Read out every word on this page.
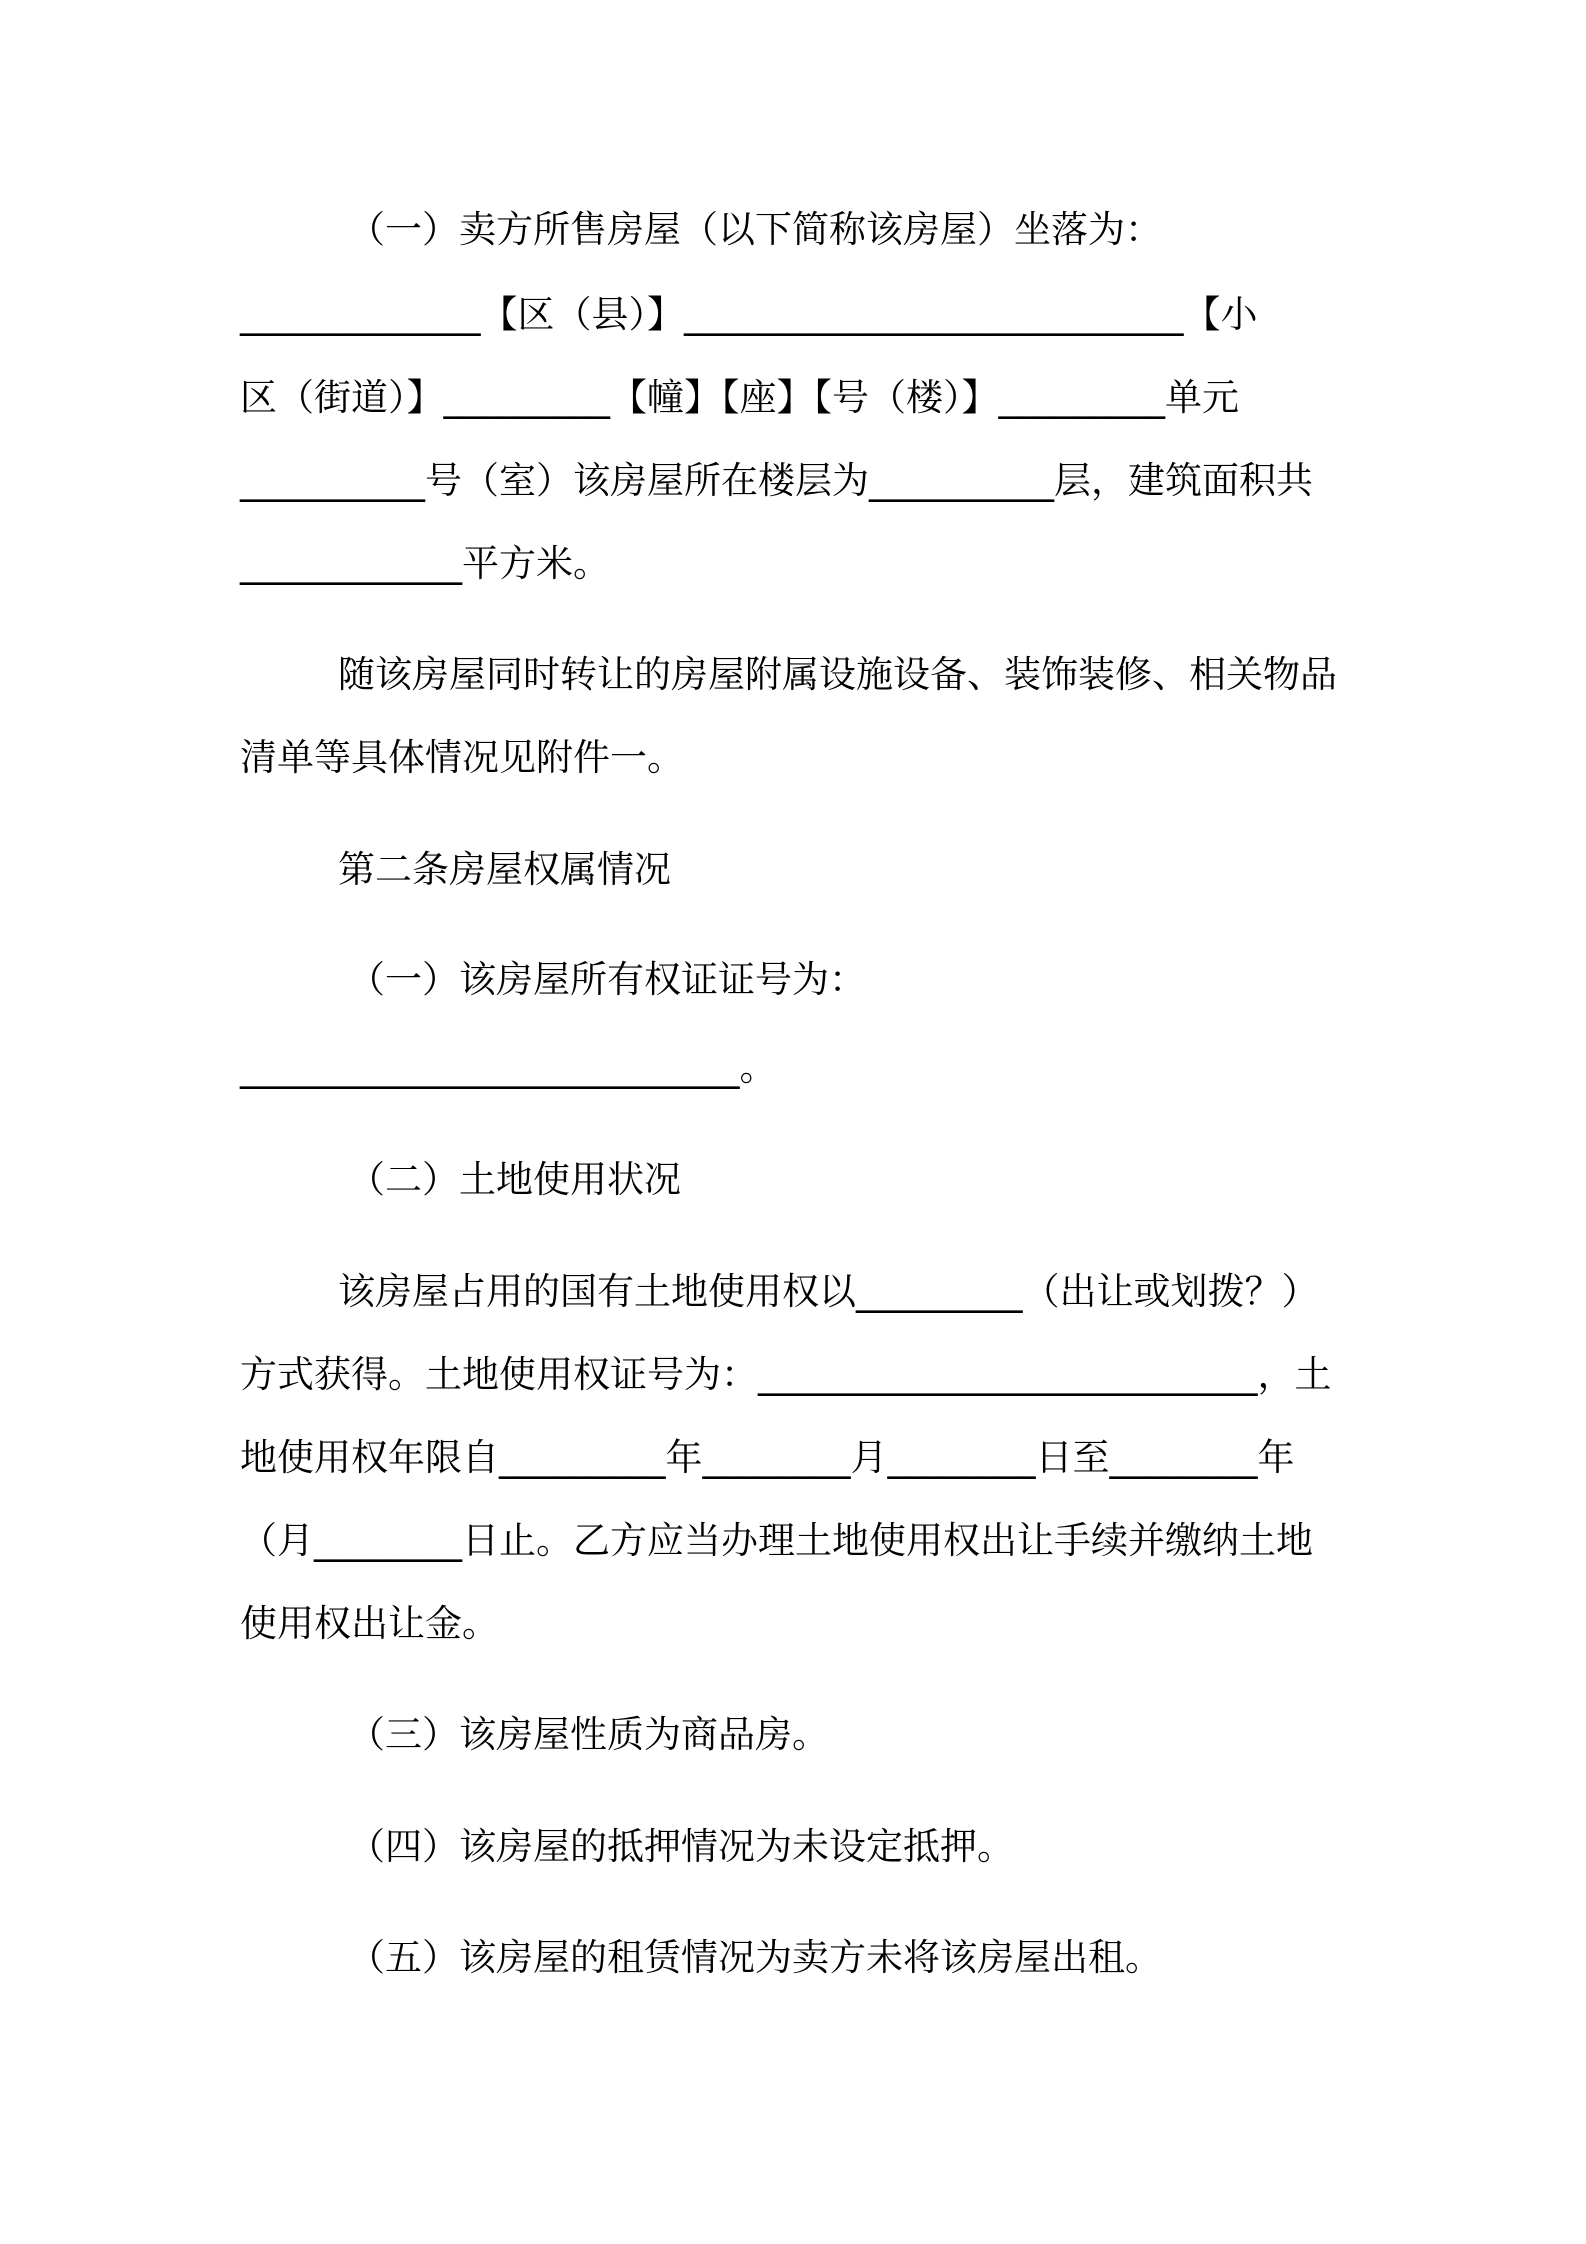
（一）卖方所售房屋（以下简称该房屋）坐落为：
_____________【区（县）】___________________________【小
区（街道）】_________【幢】【座】【号（楼）】_________单元
__________号（室）该房屋所在楼层为__________层，建筑面积共
____________平方米。
随该房屋同时转让的房屋附属设施设备、装饰装修、相关物品
清单等具体情况见附件一。
第二条房屋权属情况
（一）该房屋所有权证证号为：
___________________________。
（二）土地使用状况
该房屋占用的国有土地使用权以_________（出让或划拨？）
方式获得。土地使用权证号为：___________________________，土
地使用权年限自_________年________月________日至________年
（月________日止。乙方应当办理土地使用权出让手续并缴纳土地
使用权出让金。
（三）该房屋性质为商品房。
（四）该房屋的抵押情况为未设定抵押。
（五）该房屋的租赁情况为卖方未将该房屋出租。
